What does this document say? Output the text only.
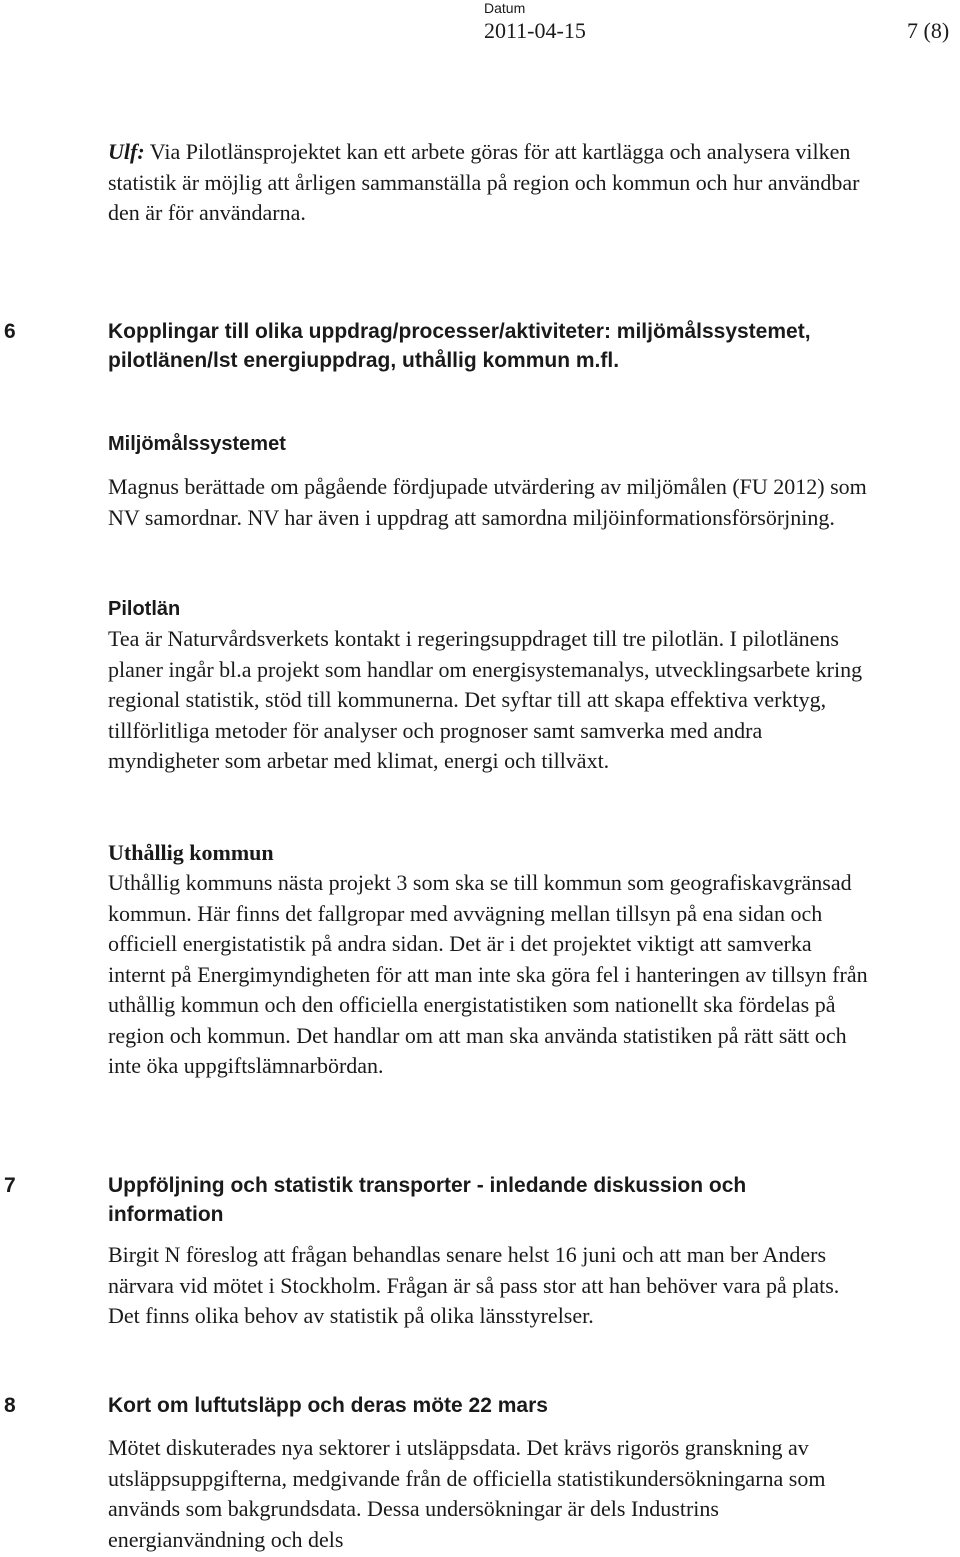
Datum
2011-04-15	7 (8)

Ulf: Via Pilotlänsprojektet kan ett arbete göras för att kartlägga och analysera vilken statistik är möjlig att årligen sammanställa på region och kommun och hur användbar den är för användarna.

6	Kopplingar till olika uppdrag/processer/aktiviteter: miljömålssystemet, pilotlänen/lst energiuppdrag, uthållig kommun m.fl.
Miljömålssystemet

Magnus berättade om pågående fördjupade utvärdering av miljömålen (FU 2012) som NV samordnar. NV har även i uppdrag att samordna miljöinformationsförsörjning.

Pilotlän

Tea är Naturvårdsverkets kontakt i regeringsuppdraget till tre pilotlän. I pilotlänens planer ingår bl.a projekt som handlar om energisystemanalys, utvecklingsarbete kring regional statistik, stöd till kommunerna. Det syftar till att skapa effektiva verktyg, tillförlitliga metoder för analyser och prognoser samt samverka med andra myndigheter som arbetar med klimat, energi och tillväxt.

Uthållig kommun

Uthållig kommuns nästa projekt 3 som ska se till kommun som geografiskavgränsad kommun. Här finns det fallgropar med avvägning mellan tillsyn på ena sidan och officiell energistatistik på andra sidan. Det är i det projektet viktigt att samverka internt på Energimyndigheten för att man inte ska göra fel i hanteringen av tillsyn från uthållig kommun och den officiella energistatistiken som nationellt ska fördelas på region och kommun. Det handlar om att man ska använda statistiken på rätt sätt och inte öka uppgiftslämnarbördan.

7	Uppföljning och statistik transporter - inledande diskussion och information

Birgit N föreslog att frågan behandlas senare helst 16 juni och att man ber Anders närvara vid mötet i Stockholm. Frågan är så pass stor att han behöver vara på plats. Det finns olika behov av statistik på olika länsstyrelser.

8	Kort om luftutsläpp och deras möte 22 mars

Mötet diskuterades nya sektorer i utsläppsdata. Det krävs rigorös granskning av utsläppsuppgifterna, medgivande från de officiella statistikundersökningarna som används som bakgrundsdata. Dessa undersökningar är dels Industrins energianvändning och dels
